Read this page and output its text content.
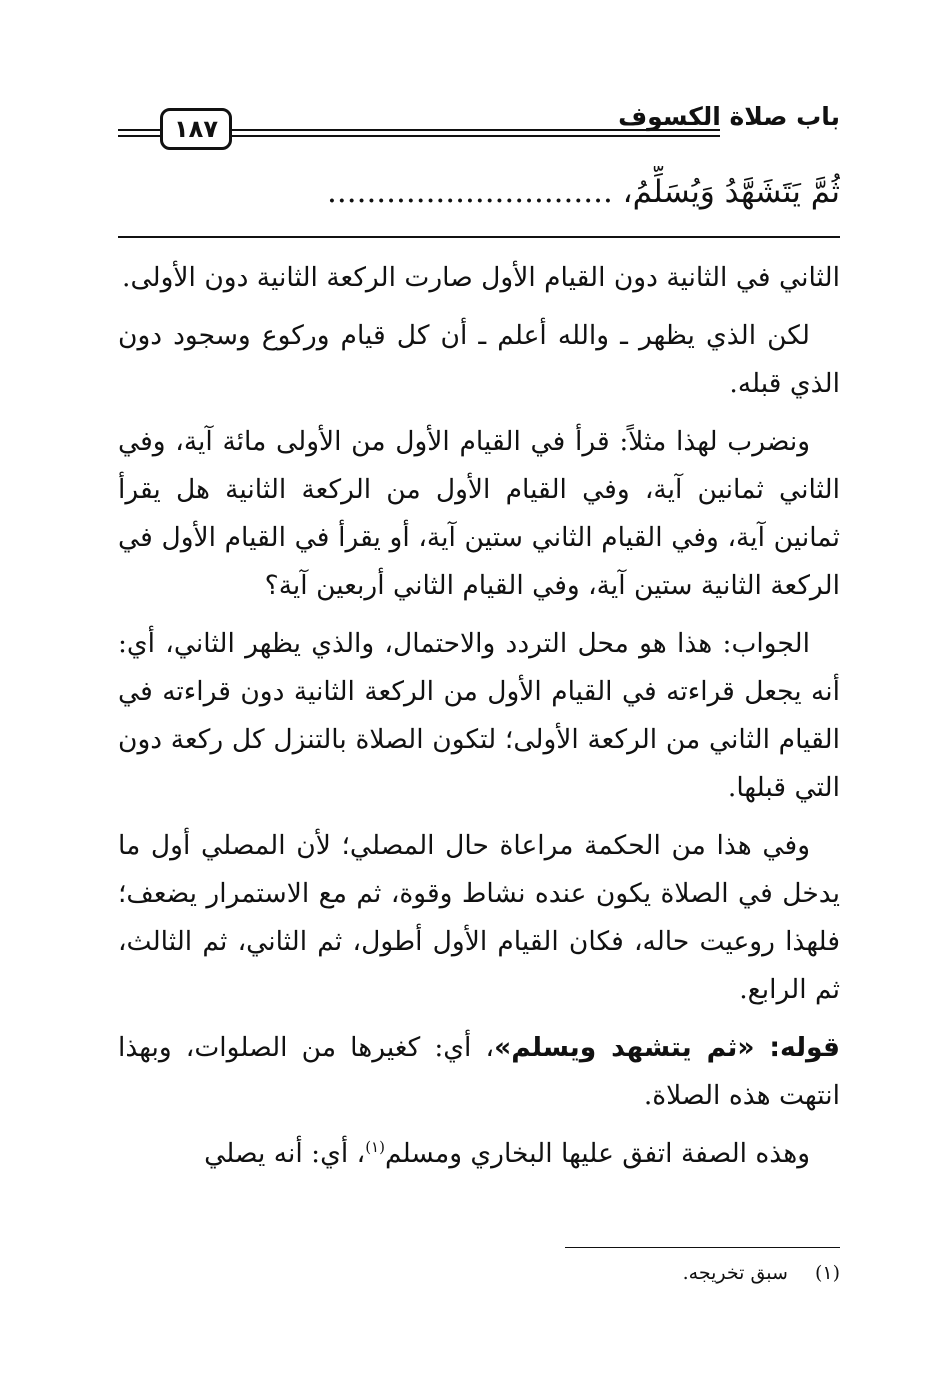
باب صلاة الكسوف
١٨٧
ثُمَّ يَتَشَهَّدُ وَيُسَلِّمُ، .............................

الثاني في الثانية دون القيام الأول صارت الركعة الثانية دون الأولى.

لكن الذي يظهر ـ والله أعلم ـ أن كل قيام وركوع وسجود دون الذي قبله.

ونضرب لهذا مثلاً: قرأ في القيام الأول من الأولى مائة آية، وفي الثاني ثمانين آية، وفي القيام الأول من الركعة الثانية هل يقرأ ثمانين آية، وفي القيام الثاني ستين آية، أو يقرأ في القيام الأول في الركعة الثانية ستين آية، وفي القيام الثاني أربعين آية؟

الجواب: هذا هو محل التردد والاحتمال، والذي يظهر الثاني، أي: أنه يجعل قراءته في القيام الأول من الركعة الثانية دون قراءته في القيام الثاني من الركعة الأولى؛ لتكون الصلاة بالتنزل كل ركعة دون التي قبلها.

وفي هذا من الحكمة مراعاة حال المصلي؛ لأن المصلي أول ما يدخل في الصلاة يكون عنده نشاط وقوة، ثم مع الاستمرار يضعف؛ فلهذا روعيت حاله، فكان القيام الأول أطول، ثم الثاني، ثم الثالث، ثم الرابع.

قوله: «ثم يتشهد ويسلم»، أي: كغيرها من الصلوات، وبهذا انتهت هذه الصلاة.

وهذه الصفة اتفق عليها البخاري ومسلم$^{(١)}$، أي: أنه يصلي

(١) سبق تخريجه.
